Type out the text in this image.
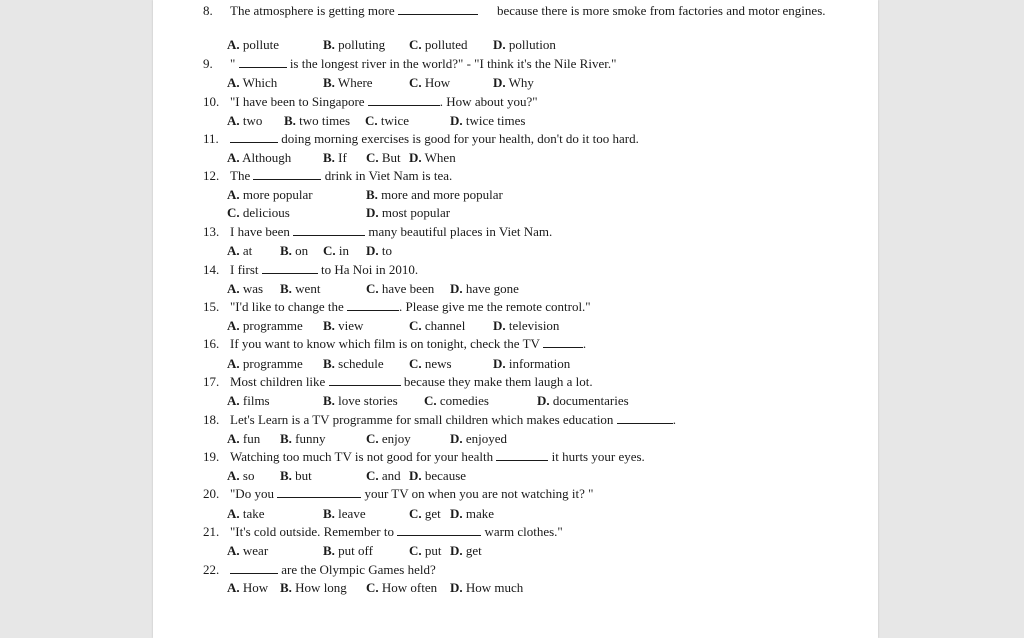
8.	The atmosphere is getting more	because there is more smoke from factories and motor engines.
A. pollute	B. polluting C. polluted D. pollution
9.	"	is the longest river in the world?" - "I think it's the Nile River."
A. Which	B. Where	C. How	D. Why
10. "I have been to Singapore	. How about you?"
A. two B. two times C. twice	D. twice times
11.	doing morning exercises is good for your health, don't do it too hard.
A. Although B. If C. But D. When
12. The	drink in Viet Nam is tea.
A. more popular	B. more and more popular
C. delicious	D. most popular
13. I have been	many beautiful places in Viet Nam.
A. at B. on C. in D. to
14. I first	to Ha Noi in 2010.
A. was B. went	C. have been D. have gone
15. "I'd like to change the	. Please give me the remote control."
A. programme B. view	C. channel D. television
16. If you want to know which film is on tonight, check the TV	.
A. programme B. schedule C. news	D. information
17. Most children like	because they make them laugh a lot.
A. films	B. love stories C. comedies	D. documentaries
18. Let's Learn is a TV programme for small children which makes education	.
A. fun B. funny	C. enjoy	D. enjoyed
19. Watching too much TV is not good for your health	it hurts your eyes.
A. so B. but	C. and D. because
20. "Do you	your TV on when you are not watching it? "
A. take	B. leave	C. get D. make
21. "It's cold outside. Remember to	warm clothes."
A. wear	B. put off	C. put D. get
22.	are the Olympic Games held?
A. How B. How long C. How often D. How much
